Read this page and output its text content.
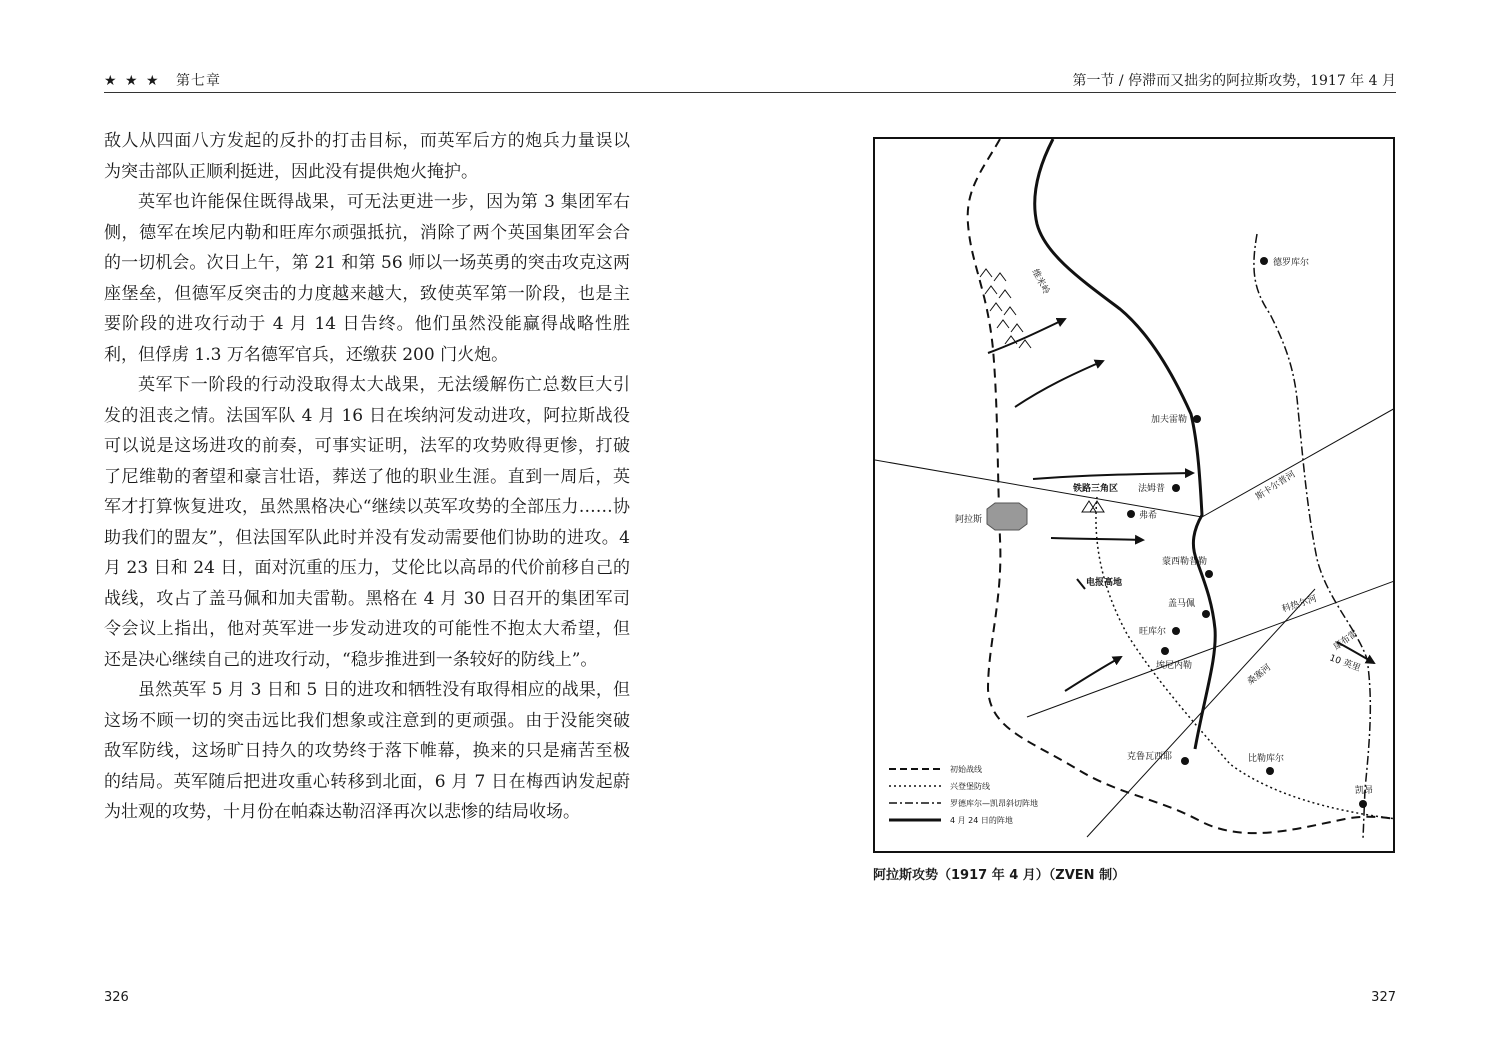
★ ★ ★ 第七章	第一节 / 停滞而又拙劣的阿拉斯攻势，1917 年 4 月

敌人从四面八方发起的反扑的打击目标，而英军后方的炮兵力量误以为突击部队正顺利挺进，因此没有提供炮火掩护。

英军也许能保住既得战果，可无法更进一步，因为第 3 集团军右侧，德军在埃尼内勒和旺库尔顽强抵抗，消除了两个英国集团军会合的一切机会。次日上午，第 21 和第 56 师以一场英勇的突击攻克这两座堡垒，但德军反突击的力度越来越大，致使英军第一阶段，也是主要阶段的进攻行动于 4 月 14 日告终。他们虽然没能赢得战略性胜利，但俘虏 1.3 万名德军官兵，还缴获 200 门火炮。

英军下一阶段的行动没取得太大战果，无法缓解伤亡总数巨大引发的沮丧之情。法国军队 4 月 16 日在埃纳河发动进攻，阿拉斯战役可以说是这场进攻的前奏，可事实证明，法军的攻势败得更惨，打破了尼维勒的奢望和豪言壮语，葬送了他的职业生涯。直到一周后，英军才打算恢复进攻，虽然黑格决心“继续以英军攻势的全部压力……协助我们的盟友”，但法国军队此时并没有发动需要他们协助的进攻。4 月 23 日和 24 日，面对沉重的压力，艾伦比以高昂的代价前移自己的战线，攻占了盖马佩和加夫雷勒。黑格在 4 月 30 日召开的集团军司令会议上指出，他对英军进一步发动进攻的可能性不抱太大希望，但还是决心继续自己的进攻行动，“稳步推进到一条较好的防线上”。

虽然英军 5 月 3 日和 5 日的进攻和牺牲没有取得相应的战果，但这场不顾一切的突击远比我们想象或注意到的更顽强。由于没能突破敌军防线，这场旷日持久的攻势终于落下帷幕，换来的只是痛苦至极的结局。英军随后把进攻重心转移到北面，6 月 7 日在梅西讷发起蔚为壮观的攻势，十月份在帕森达勒沼泽再次以悲惨的结局收场。

德罗库尔
加夫雷勒
法姆普
弗希
阿拉斯
蒙西勒普勒
盖马佩
旺库尔
埃尼内勒
克鲁瓦西耶	比勒库尔
凯昂
铁路三角区
电报高地
维米岭
斯卡尔普河
科热尔河
桑塞河
康布雷
10 英里
初始战线
兴登堡防线
罗德库尔—凯昂斜切阵地
4 月 24 日的阵地
阿拉斯攻势（1917 年 4 月）（ZVEN 制）
326	327
